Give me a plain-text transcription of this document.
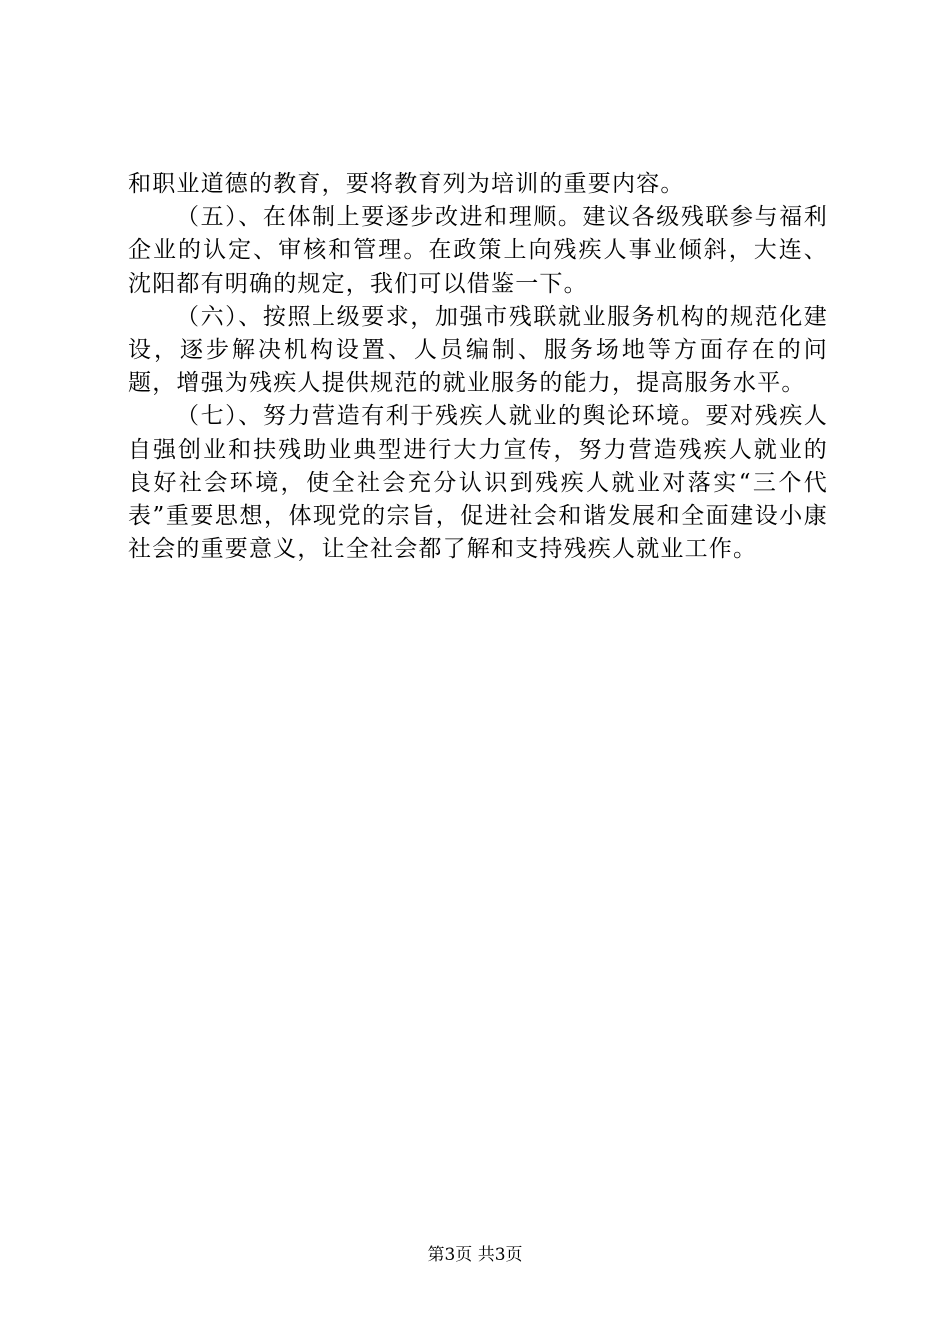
和职业道德的教育，要将教育列为培训的重要内容。

（五）、在体制上要逐步改进和理顺。建议各级残联参与福利企业的认定、审核和管理。在政策上向残疾人事业倾斜，大连、沈阳都有明确的规定，我们可以借鉴一下。

（六）、按照上级要求，加强市残联就业服务机构的规范化建设，逐步解决机构设置、人员编制、服务场地等方面存在的问题，增强为残疾人提供规范的就业服务的能力，提高服务水平。

（七）、努力营造有利于残疾人就业的舆论环境。要对残疾人自强创业和扶残助业典型进行大力宣传，努力营造残疾人就业的良好社会环境，使全社会充分认识到残疾人就业对落实“三个代表”重要思想，体现党的宗旨，促进社会和谐发展和全面建设小康社会的重要意义，让全社会都了解和支持残疾人就业工作。

第3页 共3页
